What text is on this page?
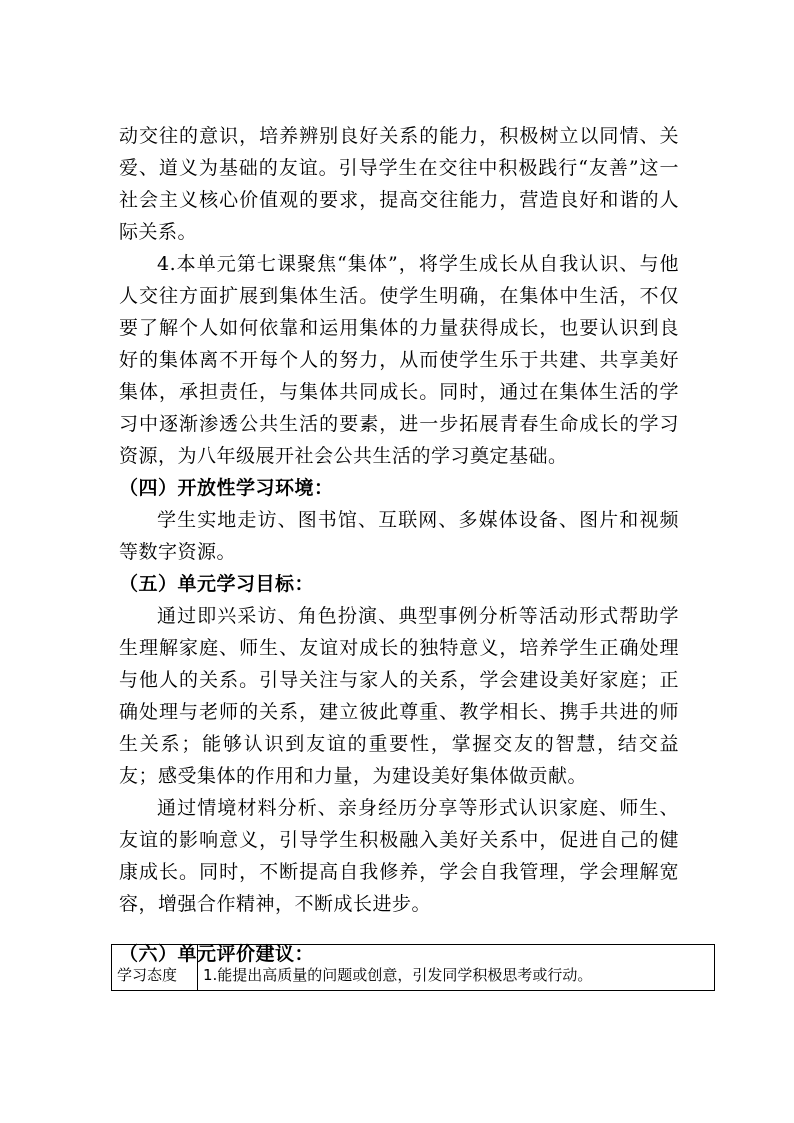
动交往的意识，培养辨别良好关系的能力，积极树立以同情、关爱、道义为基础的友谊。引导学生在交往中积极践行“友善”这一社会主义核心价值观的要求，提高交往能力，营造良好和谐的人际关系。

4.本单元第七课聚焦“集体”，将学生成长从自我认识、与他人交往方面扩展到集体生活。使学生明确，在集体中生活，不仅要了解个人如何依靠和运用集体的力量获得成长，也要认识到良好的集体离不开每个人的努力，从而使学生乐于共建、共享美好集体，承担责任，与集体共同成长。同时，通过在集体生活的学习中逐渐渗透公共生活的要素，进一步拓展青春生命成长的学习资源，为八年级展开社会公共生活的学习奠定基础。

（四）开放性学习环境：

学生实地走访、图书馆、互联网、多媒体设备、图片和视频等数字资源。

（五）单元学习目标：

通过即兴采访、角色扮演、典型事例分析等活动形式帮助学生理解家庭、师生、友谊对成长的独特意义，培养学生正确处理与他人的关系。引导关注与家人的关系，学会建设美好家庭；正确处理与老师的关系，建立彼此尊重、教学相长、携手共进的师生关系；能够认识到友谊的重要性，掌握交友的智慧，结交益友；感受集体的作用和力量，为建设美好集体做贡献。

通过情境材料分析、亲身经历分享等形式认识家庭、师生、友谊的影响意义，引导学生积极融入美好关系中，促进自己的健康成长。同时，不断提高自我修养，学会自我管理，学会理解宽容，增强合作精神，不断成长进步。

（六）单元评价建议：

学习态度	1.能提出高质量的问题或创意，引发同学积极思考或行动。
